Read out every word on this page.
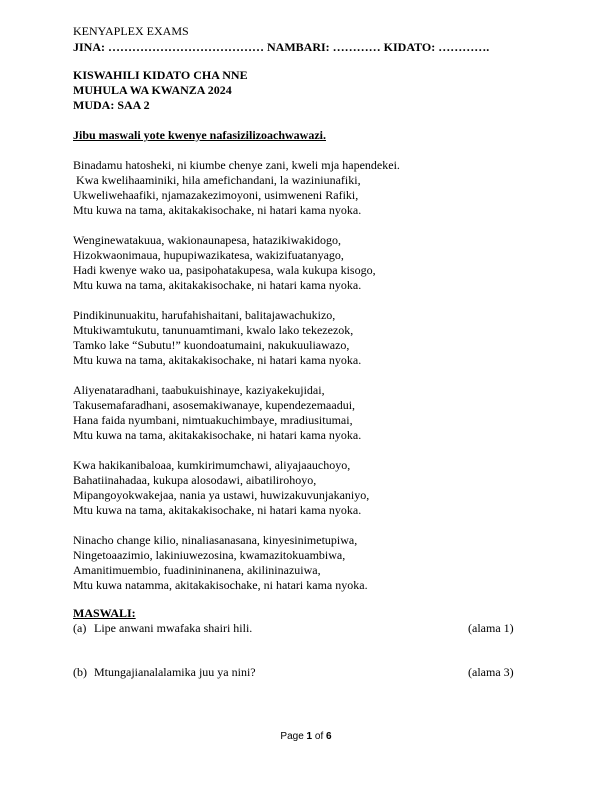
KENYAPLEX EXAMS
JINA: ………………………………… NAMBARI: ………… KIDATO: ………….
KISWAHILI KIDATO CHA NNE
MUHULA WA KWANZA 2024
MUDA: SAA 2
Jibu maswali yote kwenye nafasizilizoachwawazi.
Binadamu hatosheki, ni kiumbe chenye zani, kweli mja hapendekei.
Kwa kwelihaaminiki, hila amefichandani, la waziniunafiki,
Ukweliwehaafiki, njamazakezimoyoni, usimweneni Rafiki,
Mtu kuwa na tama, akitakakisochake, ni hatari kama nyoka.
Wenginewatakuua, wakionaunapesa, hatazikiwakidogo,
Hizokwaonimaua, hupupiwazikatesa, wakizifuatanyago,
Hadi kwenye wako ua, pasipohatakupesa, wala kukupa kisogo,
Mtu kuwa na tama, akitakakisochake, ni hatari kama nyoka.
Pindikinunuakitu, harufahishaitani, balitajawachukizo,
Mtukiwamtukutu, tanunuamtimani, kwalo lako tekezezok,
Tamko lake “Subutu!” kuondoatumaini, nakukuuliawazo,
Mtu kuwa na tama, akitakakisochake, ni hatari kama nyoka.
Aliyenataradhani, taabukuishinaye, kaziyakekujidai,
Takusemafaradhani, asosemakiwanaye, kupendezemaadui,
Hana faida nyumbani, nimtuakuchimbaye, mradiusitumai,
Mtu kuwa na tama, akitakakisochake, ni hatari kama nyoka.
Kwa hakikanibaloaa, kumkirimumchawi, aliyajaauchoyo,
Bahatiinahadaa, kukupa alosodawi, aibatilirohoyo,
Mipangoyokwakejaa, nania ya ustawi, huwizakuvunjakaniyo,
Mtu kuwa na tama, akitakakisochake, ni hatari kama nyoka.
Ninacho change kilio, ninaliasanasana, kinyesinimetupiwa,
Ningetoaazimio, lakiniuwezosina, kwamazitokuambiwa,
Amanitimuembio, fuadinininanena, akilininazuiwa,
Mtu kuwa natamma, akitakakisochake, ni hatari kama nyoka.
MASWALI:
(a) Lipe anwani mwafaka shairi hili.	(alama 1)
(b) Mtungajianalalamika juu ya nini?	(alama 3)
Page 1 of 6
